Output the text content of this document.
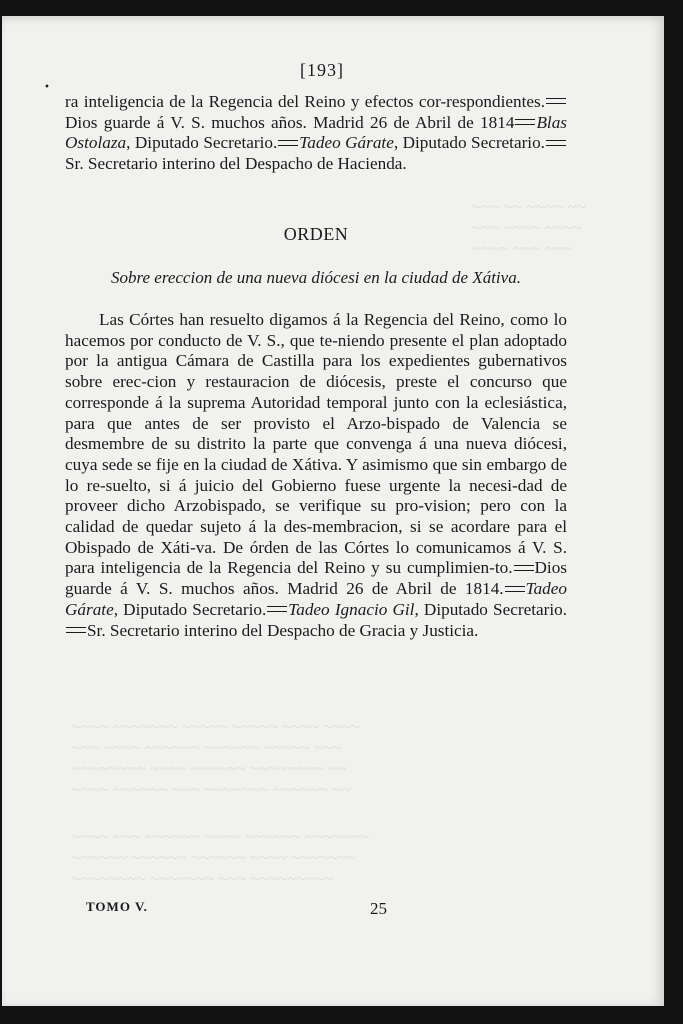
~~~ ~~ ~~~~ ~~
~~~ ~~~~ ~~~~
~~~~ ~~~ ~~~
~~~~ ~~~~~~~ ~~~~~ ~~~~~ ~~~~ ~~~~
~~~ ~~~~ ~~~~~~ ~~~~~~ ~~~~~ ~~~
~~~~~~~~ ~~~~ ~~~~~~ ~~~~~~~~ ~~
~~~~ ~~~~~~ ~~~ ~~~~~~~ ~~~~~~ ~~
~~~~ ~~~ ~~~~~~ ~~~~ ~~~~~~ ~~~~~~~
~~~~~~ ~~~~~~ ~~~~~~ ~~~~ ~~~~~~~
~~~~~~~~ ~~~~~~~ ~~~ ~~~~~~~~~
[193]
•
ra inteligencia de la Regencia del Reino y efectos cor-respondientes.Dios guarde á V. S. muchos años. Madrid 26 de Abril de 1814 Blas Ostolaza, Diputado Secretario. Tadeo Gárate, Diputado Secretario.Sr. Secretario interino del Despacho de Hacienda.
ORDEN
Sobre ereccion de una nueva diócesi en la ciudad de Xátiva.
Las Córtes han resuelto digamos á la Regencia del Reino, como lo hacemos por conducto de V. S., que te-niendo presente el plan adoptado por la antigua Cámara de Castilla para los expedientes gubernativos sobre erec-cion y restauracion de diócesis, preste el concurso que corresponde á la suprema Autoridad temporal junto con la eclesiástica, para que antes de ser provisto el Arzo-bispado de Valencia se desmembre de su distrito la parte que convenga á una nueva diócesi, cuya sede se fije en la ciudad de Xátiva. Y asimismo que sin embargo de lo re-suelto, si á juicio del Gobierno fuese urgente la necesi-dad de proveer dicho Arzobispado, se verifique su pro-vision; pero con la calidad de quedar sujeto á la des-membracion, si se acordare para el Obispado de Xáti-va. De órden de las Córtes lo comunicamos á V. S. para inteligencia de la Regencia del Reino y su cumplimien-to. Dios guarde á V. S. muchos años. Madrid 26 de Abril de 1814. Tadeo Gárate, Diputado Secretario. Tadeo Ignacio Gil, Diputado Secretario.Sr. Secretario interino del Despacho de Gracia y Justicia.
TOMO V.	25
